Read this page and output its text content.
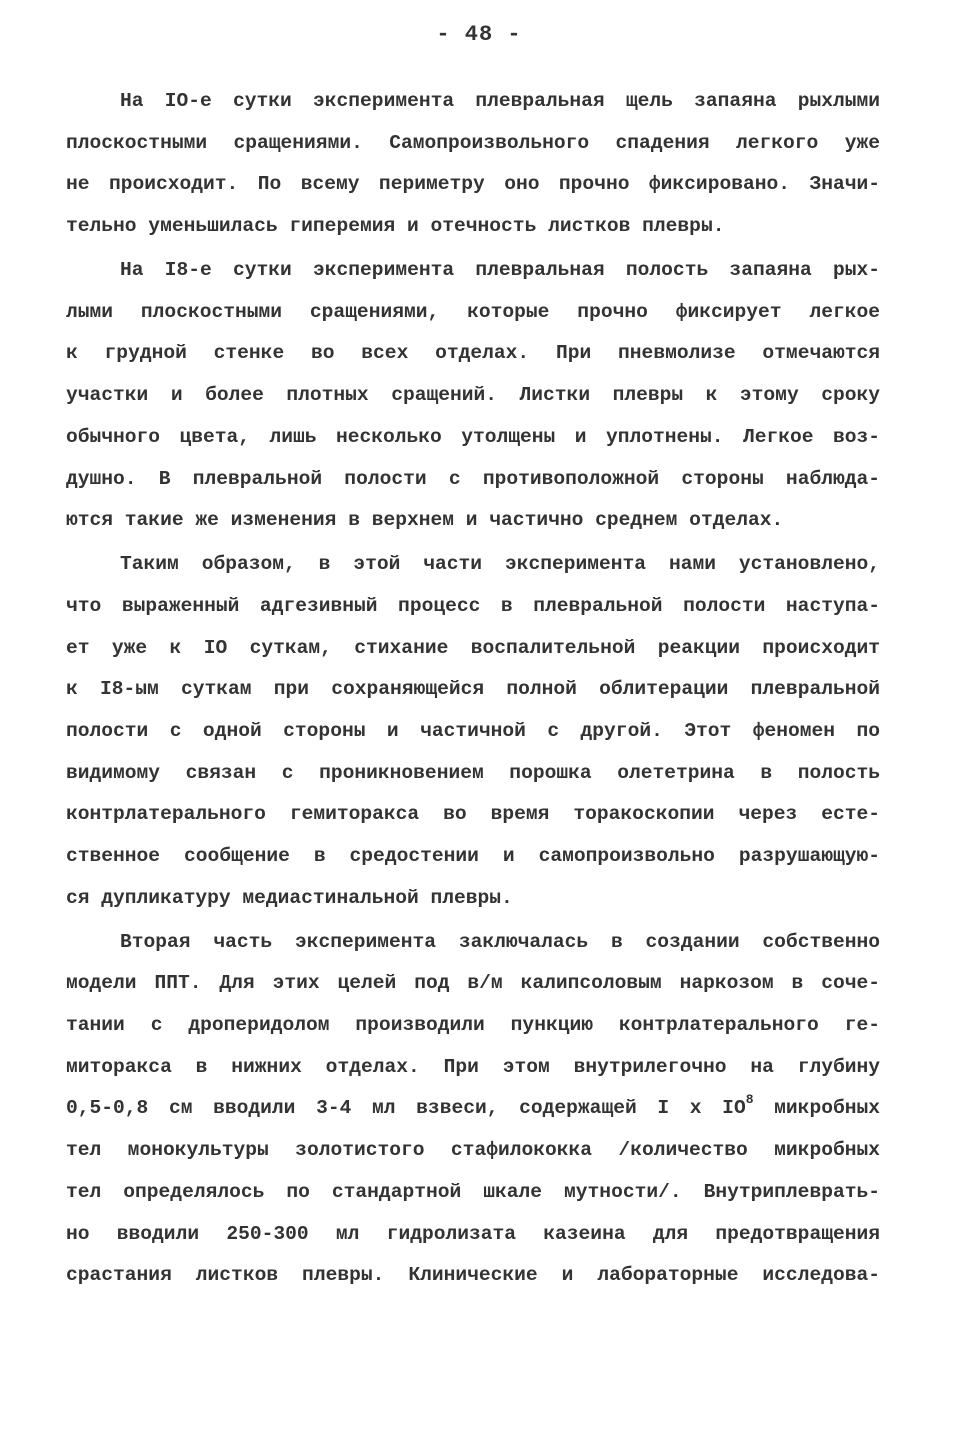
- 48 -
На IO-е сутки эксперимента плевральная щель запаяна рыхлыми
плоскостными сращениями. Самопроизвольного спадения легкого уже
не происходит. По всему периметру оно прочно фиксировано. Значи-
тельно уменьшилась гиперемия и отечность листков плевры.
На I8-е сутки эксперимента плевральная полость запаяна рых-
лыми плоскостными сращениями, которые прочно фиксирует легкое
к грудной стенке во всех отделах. При пневмолизе отмечаются
участки и более плотных сращений. Листки плевры к этому сроку
обычного цвета, лишь несколько утолщены и уплотнены. Легкое воз-
душно. В плевральной полости с противоположной стороны наблюда-
ются такие же изменения в верхнем и частично среднем отделах.
Таким образом, в этой части эксперимента нами установлено,
что выраженный адгезивный процесс в плевральной полости наступа-
ет уже к IO суткам, стихание воспалительной реакции происходит
к I8-ым суткам при сохраняющейся полной облитерации плевральной
полости с одной стороны и частичной с другой. Этот феномен по
видимому связан с проникновением порошка олететрина в полость
контрлатерального гемиторакса во время торакоскопии через есте-
ственное сообщение в средостении и самопроизвольно разрушающую-
ся дупликатуру медиастинальной плевры.
Вторая часть эксперимента заключалась в создании собственно
модели ППТ. Для этих целей под в/м калипсоловым наркозом в соче-
тании с дроперидолом производили пункцию контрлатерального ге-
миторакса в нижних отделах. При этом внутрилегочно на глубину
0,5-0,8 см вводили 3-4 мл взвеси, содержащей I x $IO^8$ микробных
тел монокультуры золотистого стафилококка /количество микробных
тел определялось по стандартной шкале мутности/. Внутриплеврать-
но вводили 250-300 мл гидролизата казеина для предотвращения
срастания листков плевры. Клинические и лабораторные исследова-
